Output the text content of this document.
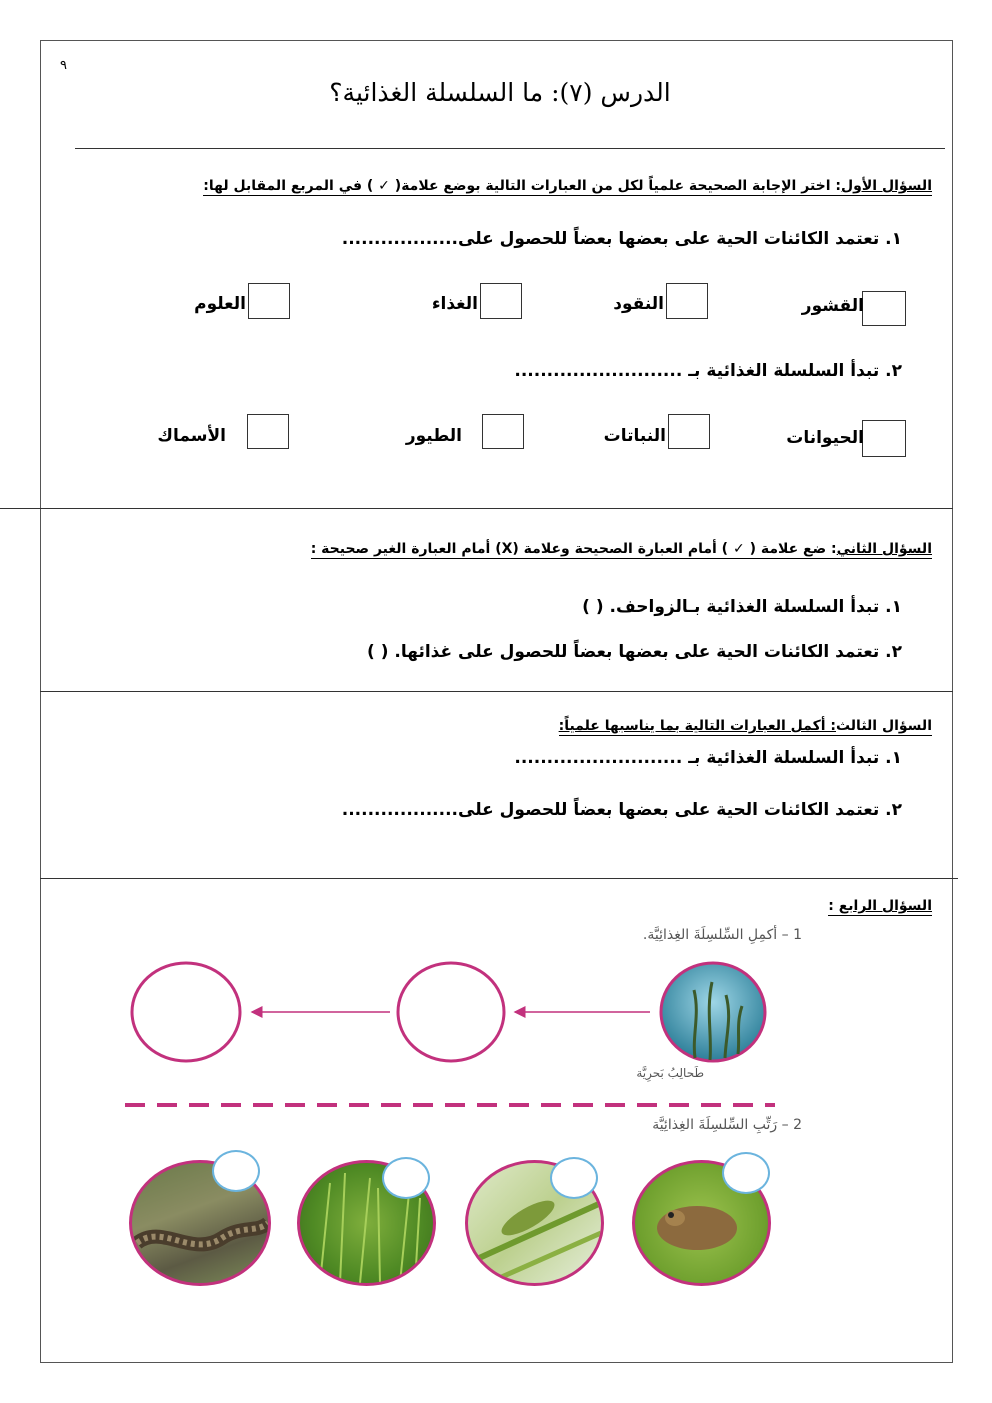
٩
الدرس (٧): ما السلسلة الغذائية؟
السؤال الأول: اختر الإجابة الصحيحة علمياً لكل من العبارات التالية بوضع علامة( ✓ ) في المربع المقابل لها:
١. تعتمد الكائنات الحية على بعضها بعضاً للحصول على..................
القشور
النقود
الغذاء
العلوم
٢. تبدأ السلسلة الغذائية بـ ..........................
الحيوانات
النباتات
الطيور
الأسماك
السؤال الثاني: ضع علامة ( ✓ ) أمام العبارة الصحيحة وعلامة (X) أمام العبارة الغير صحيحة :
١. تبدأ السلسلة الغذائية بـالزواحف. ( )
٢. تعتمد الكائنات الحية على بعضها بعضاً للحصول على غذائها. ( )
السؤال الثالث: أكمل العبارات التالية بما يناسبها علمياً:
١. تبدأ السلسلة الغذائية بـ ..........................
٢. تعتمد الكائنات الحية على بعضها بعضاً للحصول على..................
السؤال الرابع :
1 – أكمِلِ السِّلسِلَةَ الغِذائِيَّة.
طَحالِبُ بَحرِيَّة
2 – رَتِّبِ السِّلسِلَةَ الغِذائِيَّة
